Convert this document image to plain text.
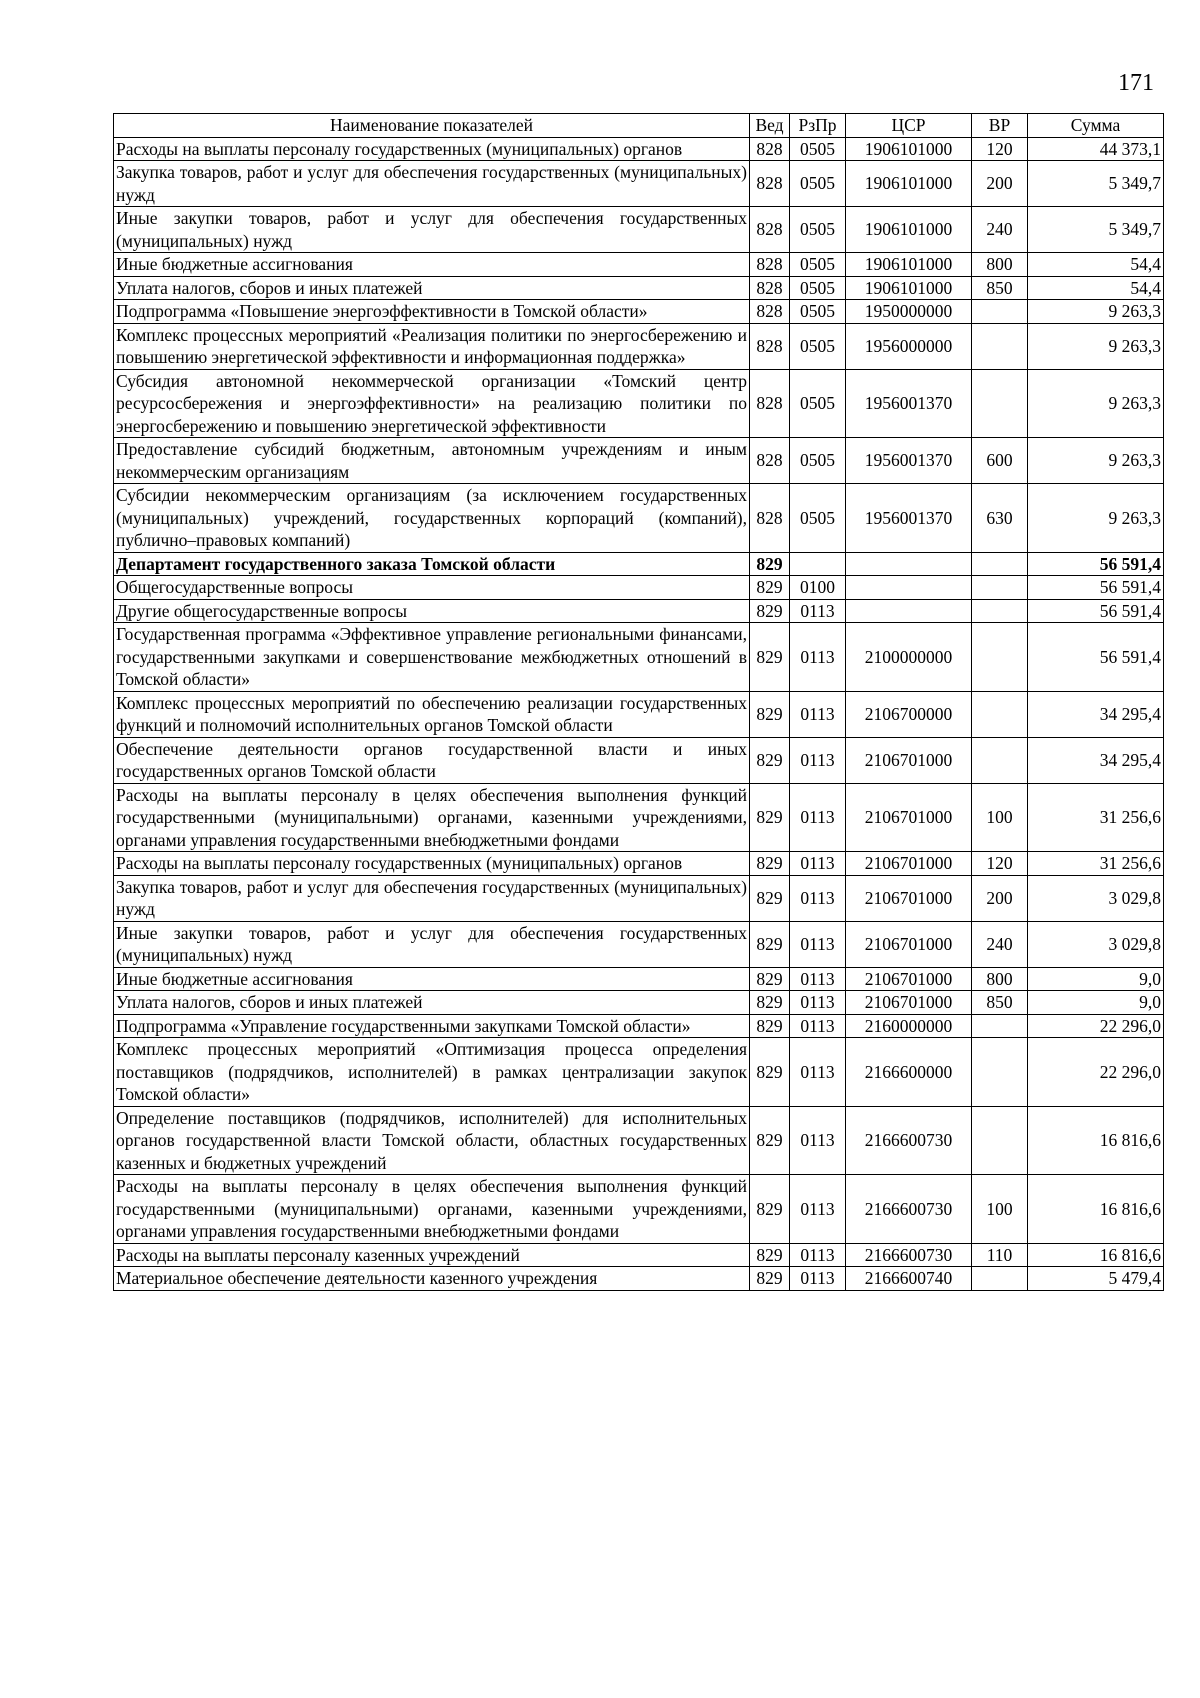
171
Наименование показателей	Вед	РзПр	ЦСР	ВР	Сумма
Расходы на выплаты персоналу государственных (муниципальных) органов	828	0505	1906101000	120	44 373,1
Закупка товаров, работ и услуг для обеспечения государственных (муниципальных) нужд	828	0505	1906101000	200	5 349,7
Иные закупки товаров, работ и услуг для обеспечения государственных (муниципальных) нужд	828	0505	1906101000	240	5 349,7
Иные бюджетные ассигнования	828	0505	1906101000	800	54,4
Уплата налогов, сборов и иных платежей	828	0505	1906101000	850	54,4
Подпрограмма «Повышение энергоэффективности в Томской области»	828	0505	1950000000		9 263,3
Комплекс процессных мероприятий «Реализация политики по энергосбережению и повышению энергетической эффективности и информационная поддержка»	828	0505	1956000000		9 263,3
Субсидия автономной некоммерческой организации «Томский центр ресурсосбережения и энергоэффективности» на реализацию политики по энергосбережению и повышению энергетической эффективности	828	0505	1956001370		9 263,3
Предоставление субсидий бюджетным, автономным учреждениям и иным некоммерческим организациям	828	0505	1956001370	600	9 263,3
Субсидии некоммерческим организациям (за исключением государственных (муниципальных) учреждений, государственных корпораций (компаний), публично–правовых компаний)	828	0505	1956001370	630	9 263,3
Департамент государственного заказа Томской области	829				56 591,4
Общегосударственные вопросы	829	0100			56 591,4
Другие общегосударственные вопросы	829	0113			56 591,4
Государственная программа «Эффективное управление региональными финансами, государственными закупками и совершенствование межбюджетных отношений в Томской области»	829	0113	2100000000		56 591,4
Комплекс процессных мероприятий по обеспечению реализации государственных функций и полномочий исполнительных органов Томской области	829	0113	2106700000		34 295,4
Обеспечение деятельности органов государственной власти и иных государственных органов Томской области	829	0113	2106701000		34 295,4
Расходы на выплаты персоналу в целях обеспечения выполнения функций государственными (муниципальными) органами, казенными учреждениями, органами управления государственными внебюджетными фондами	829	0113	2106701000	100	31 256,6
Расходы на выплаты персоналу государственных (муниципальных) органов	829	0113	2106701000	120	31 256,6
Закупка товаров, работ и услуг для обеспечения государственных (муниципальных) нужд	829	0113	2106701000	200	3 029,8
Иные закупки товаров, работ и услуг для обеспечения государственных (муниципальных) нужд	829	0113	2106701000	240	3 029,8
Иные бюджетные ассигнования	829	0113	2106701000	800	9,0
Уплата налогов, сборов и иных платежей	829	0113	2106701000	850	9,0
Подпрограмма «Управление государственными закупками Томской области»	829	0113	2160000000		22 296,0
Комплекс процессных мероприятий «Оптимизация процесса определения поставщиков (подрядчиков, исполнителей) в рамках централизации закупок Томской области»	829	0113	2166600000		22 296,0
Определение поставщиков (подрядчиков, исполнителей) для исполнительных органов государственной власти Томской области, областных государственных казенных и бюджетных учреждений	829	0113	2166600730		16 816,6
Расходы на выплаты персоналу в целях обеспечения выполнения функций государственными (муниципальными) органами, казенными учреждениями, органами управления государственными внебюджетными фондами	829	0113	2166600730	100	16 816,6
Расходы на выплаты персоналу казенных учреждений	829	0113	2166600730	110	16 816,6
Материальное обеспечение деятельности казенного учреждения	829	0113	2166600740		5 479,4
